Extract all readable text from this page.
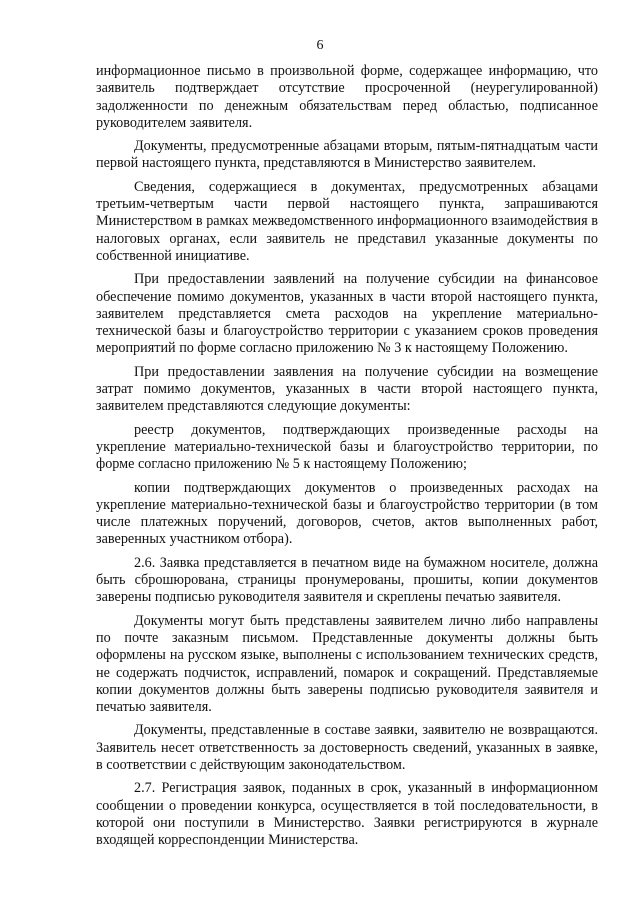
6

информационное письмо в произвольной форме, содержащее информацию, что заявитель подтверждает отсутствие просроченной (неурегулированной) задолженности по денежным обязательствам перед областью, подписанное руководителем заявителя.

Документы, предусмотренные абзацами вторым, пятым-пятнадцатым части первой настоящего пункта, представляются в Министерство заявителем.

Сведения, содержащиеся в документах, предусмотренных абзацами третьим-четвертым части первой настоящего пункта, запрашиваются Министерством в рамках межведомственного информационного взаимодействия в налоговых органах, если заявитель не представил указанные документы по собственной инициативе.

При предоставлении заявлений на получение субсидии на финансовое обеспечение помимо документов, указанных в части второй настоящего пункта, заявителем представляется смета расходов на укрепление материально-технической базы и благоустройство территории с указанием сроков проведения мероприятий по форме согласно приложению № 3 к настоящему Положению.

При предоставлении заявления на получение субсидии на возмещение затрат помимо документов, указанных в части второй настоящего пункта, заявителем представляются следующие документы:

реестр документов, подтверждающих произведенные расходы на укрепление материально-технической базы и благоустройство территории, по форме согласно приложению № 5 к настоящему Положению;

копии подтверждающих документов о произведенных расходах на укрепление материально-технической базы и благоустройство территории (в том числе платежных поручений, договоров, счетов, актов выполненных работ, заверенных участником отбора).

2.6. Заявка представляется в печатном виде на бумажном носителе, должна быть сброшюрована, страницы пронумерованы, прошиты, копии документов заверены подписью руководителя заявителя и скреплены печатью заявителя.

Документы могут быть представлены заявителем лично либо направлены по почте заказным письмом. Представленные документы должны быть оформлены на русском языке, выполнены с использованием технических средств, не содержать подчисток, исправлений, помарок и сокращений. Представляемые копии документов должны быть заверены подписью руководителя заявителя и печатью заявителя.

Документы, представленные в составе заявки, заявителю не возвращаются. Заявитель несет ответственность за достоверность сведений, указанных в заявке, в соответствии с действующим законодательством.

2.7. Регистрация заявок, поданных в срок, указанный в информационном сообщении о проведении конкурса, осуществляется в той последовательности, в которой они поступили в Министерство. Заявки регистрируются в журнале входящей корреспонденции Министерства.
